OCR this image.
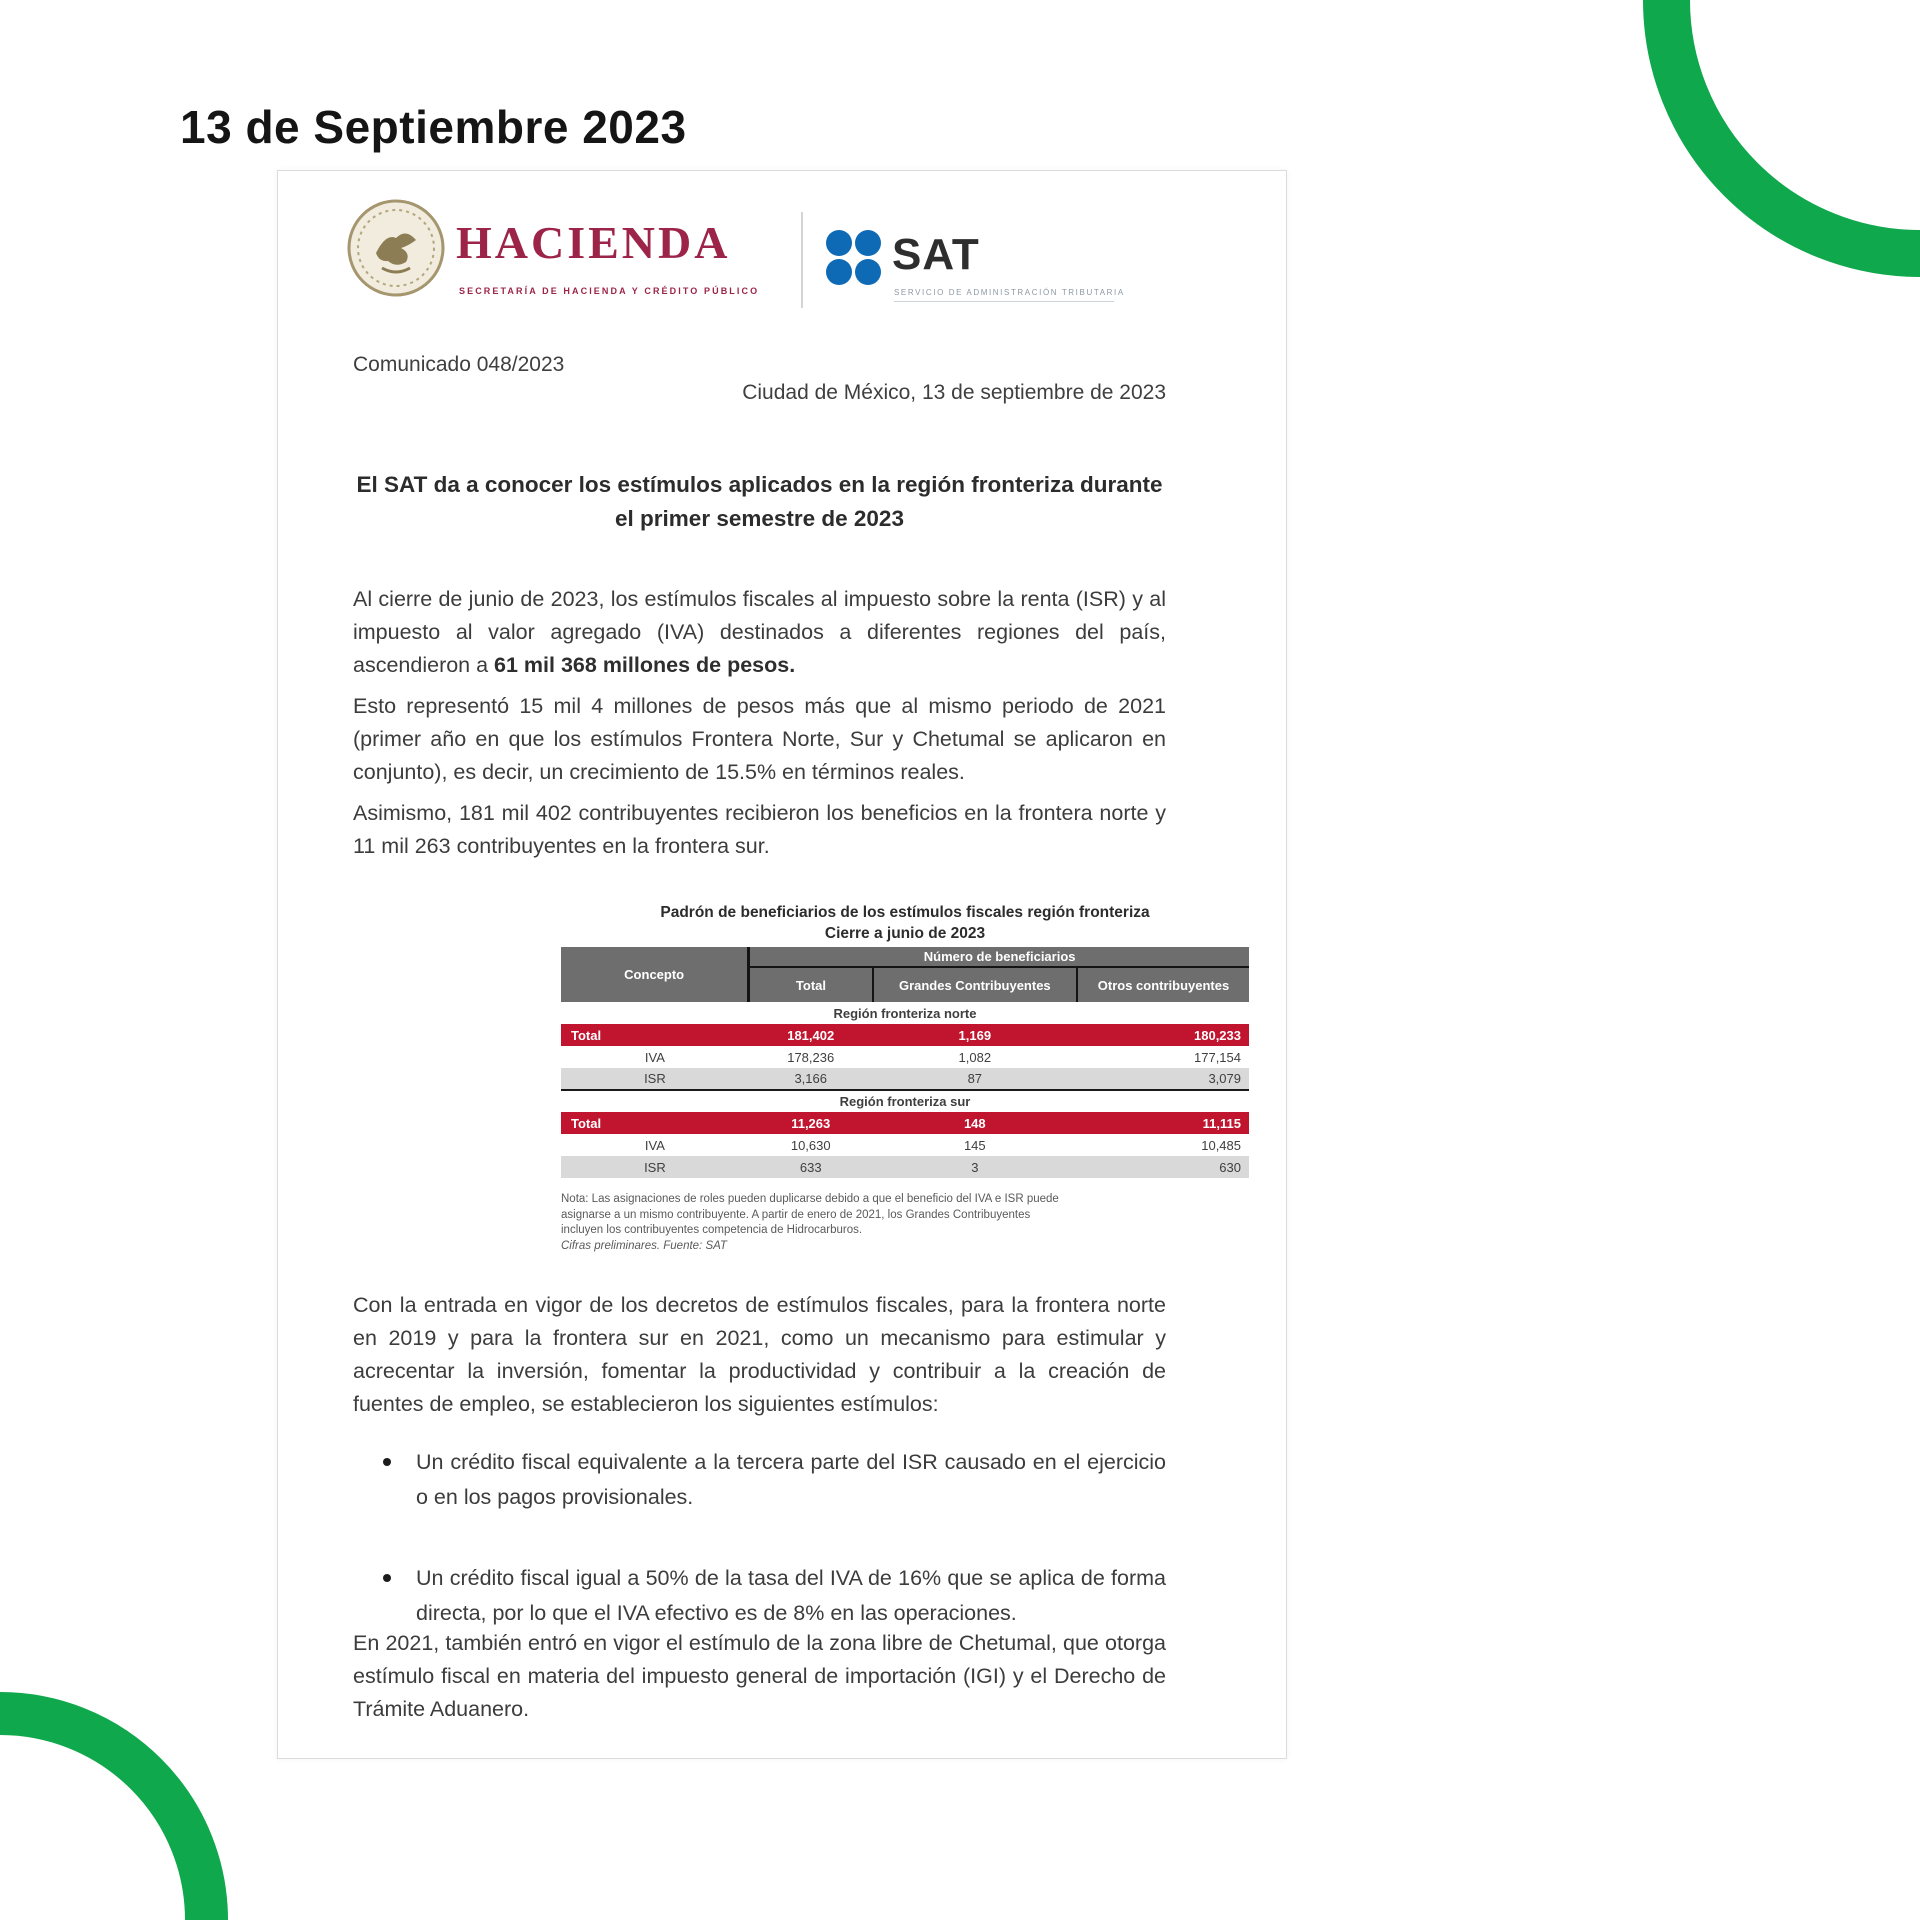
13 de Septiembre 2023
HACIENDA
SECRETARÍA DE HACIENDA Y CRÉDITO PÚBLICO
SAT
SERVICIO DE ADMINISTRACIÓN TRIBUTARIA
Comunicado 048/2023
Ciudad de México, 13 de septiembre de 2023
El SAT da a conocer los estímulos aplicados en la región fronteriza durante el primer semestre de 2023
Al cierre de junio de 2023, los estímulos fiscales al impuesto sobre la renta (ISR) y al impuesto al valor agregado (IVA) destinados a diferentes regiones del país, ascendieron a 61 mil 368 millones de pesos.
Esto representó 15 mil 4 millones de pesos más que al mismo periodo de 2021 (primer año en que los estímulos Frontera Norte, Sur y Chetumal se aplicaron en conjunto), es decir, un crecimiento de 15.5% en términos reales.
Asimismo, 181 mil 402 contribuyentes recibieron los beneficios en la frontera norte y 11 mil 263 contribuyentes en la frontera sur.
Padrón de beneficiarios de los estímulos fiscales región fronteriza
Cierre a junio de 2023
Concepto	Número de beneficiarios		
	Total	Grandes Contribuyentes	Otros contribuyentes
Región fronteriza norte			
Total	181,402	1,169	180,233
IVA	178,236	1,082	177,154
ISR	3,166	87	3,079
Región fronteriza sur			
Total	11,263	148	11,115
IVA	10,630	145	10,485
ISR	633	3	630
Nota: Las asignaciones de roles pueden duplicarse debido a que el beneficio del IVA e ISR puede asignarse a un mismo contribuyente. A partir de enero de 2021, los Grandes Contribuyentes incluyen los contribuyentes competencia de Hidrocarburos.
Cifras preliminares. Fuente: SAT
Con la entrada en vigor de los decretos de estímulos fiscales, para la frontera norte en 2019 y para la frontera sur en 2021, como un mecanismo para estimular y acrecentar la inversión, fomentar la productividad y contribuir a la creación de fuentes de empleo, se establecieron los siguientes estímulos:
Un crédito fiscal equivalente a la tercera parte del ISR causado en el ejercicio o en los pagos provisionales.
Un crédito fiscal igual a 50% de la tasa del IVA de 16% que se aplica de forma directa, por lo que el IVA efectivo es de 8% en las operaciones.
En 2021, también entró en vigor el estímulo de la zona libre de Chetumal, que otorga estímulo fiscal en materia del impuesto general de importación (IGI) y el Derecho de Trámite Aduanero.
